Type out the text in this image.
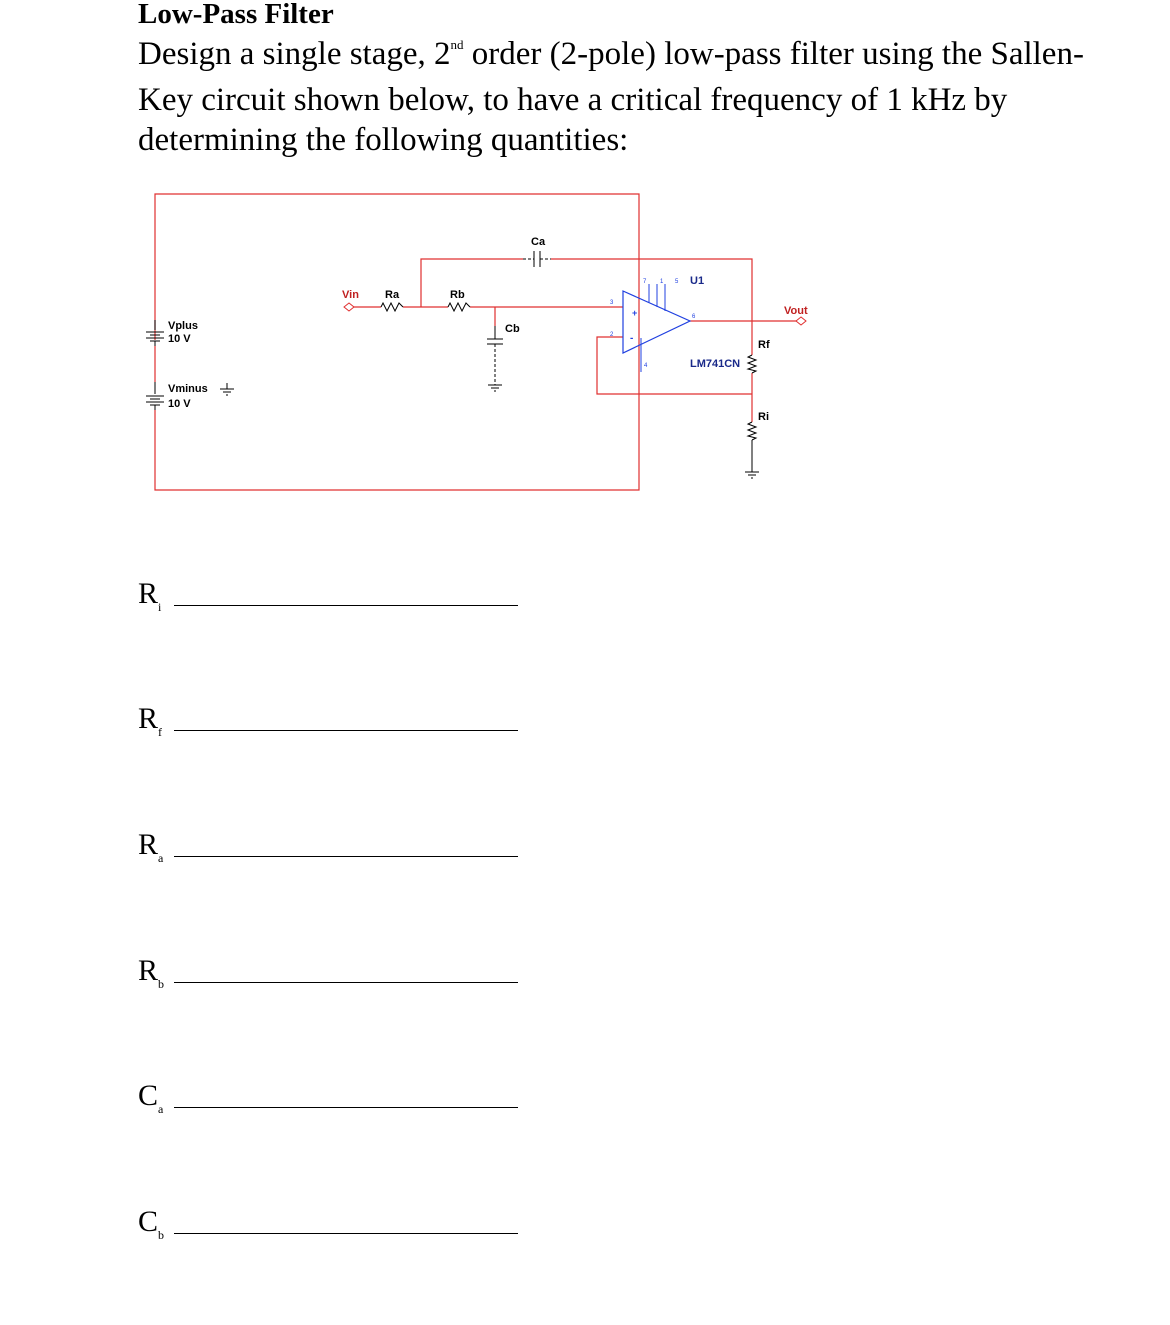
Low-Pass Filter

Design a single stage, 2nd order (2-pole) low-pass filter using the Sallen-Key circuit shown below, to have a critical frequency of 1 kHz by determining the following quantities:

+
-
7 1 5
3
2
6
4
U1
LM741CN
Ca
Cb
Ra	Rb
Rf
Ri
Vplus
10 V
Vminus
10 V
Vin
Vout
R i
R f
R a
R b
C a
C b
